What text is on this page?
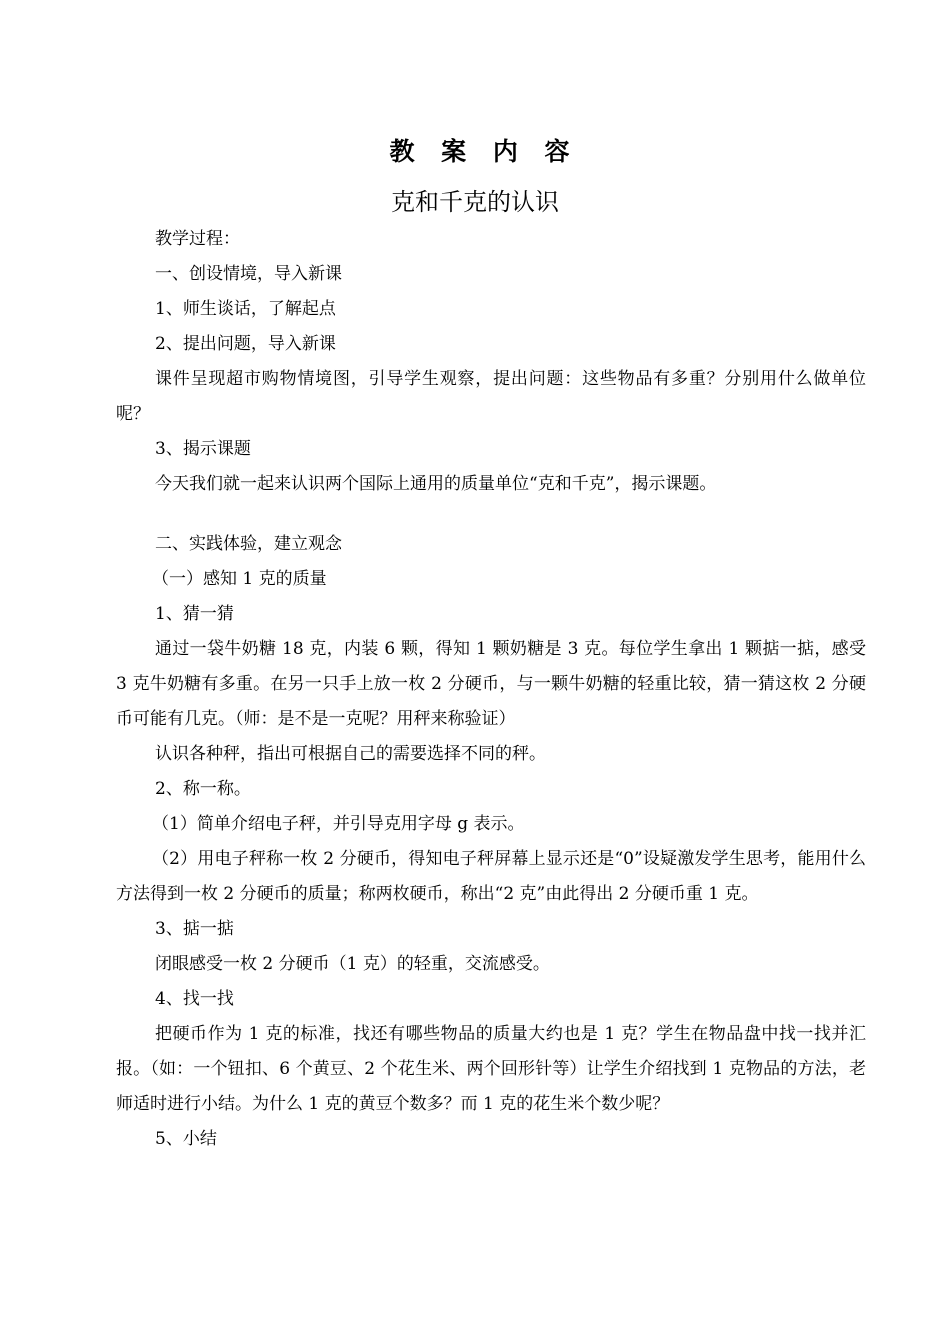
教 案 内 容
克和千克的认识

教学过程：

一、创设情境，导入新课

1、师生谈话，了解起点

2、提出问题，导入新课

课件呈现超市购物情境图，引导学生观察，提出问题：这些物品有多重？分别用什么做单位呢？

3、揭示课题

今天我们就一起来认识两个国际上通用的质量单位“克和千克”，揭示课题。

二、实践体验，建立观念

（一）感知 1 克的质量

1、猜一猜

通过一袋牛奶糖 18 克，内装 6 颗，得知 1 颗奶糖是 3 克。每位学生拿出 1 颗掂一掂，感受 3 克牛奶糖有多重。在另一只手上放一枚 2 分硬币，与一颗牛奶糖的轻重比较，猜一猜这枚 2 分硬币可能有几克。（师：是不是一克呢？用秤来称验证）

认识各种秤，指出可根据自己的需要选择不同的秤。

2、称一称。

（1）简单介绍电子秤，并引导克用字母 g 表示。

（2）用电子秤称一枚 2 分硬币，得知电子秤屏幕上显示还是“0”设疑激发学生思考，能用什么方法得到一枚 2 分硬币的质量；称两枚硬币，称出“2 克”由此得出 2 分硬币重 1 克。

3、掂一掂

闭眼感受一枚 2 分硬币（1 克）的轻重，交流感受。

4、找一找

把硬币作为 1 克的标准，找还有哪些物品的质量大约也是 1 克？学生在物品盘中找一找并汇报。（如：一个钮扣、6 个黄豆、2 个花生米、两个回形针等）让学生介绍找到 1 克物品的方法，老师适时进行小结。为什么 1 克的黄豆个数多？而 1 克的花生米个数少呢？

5、小结
